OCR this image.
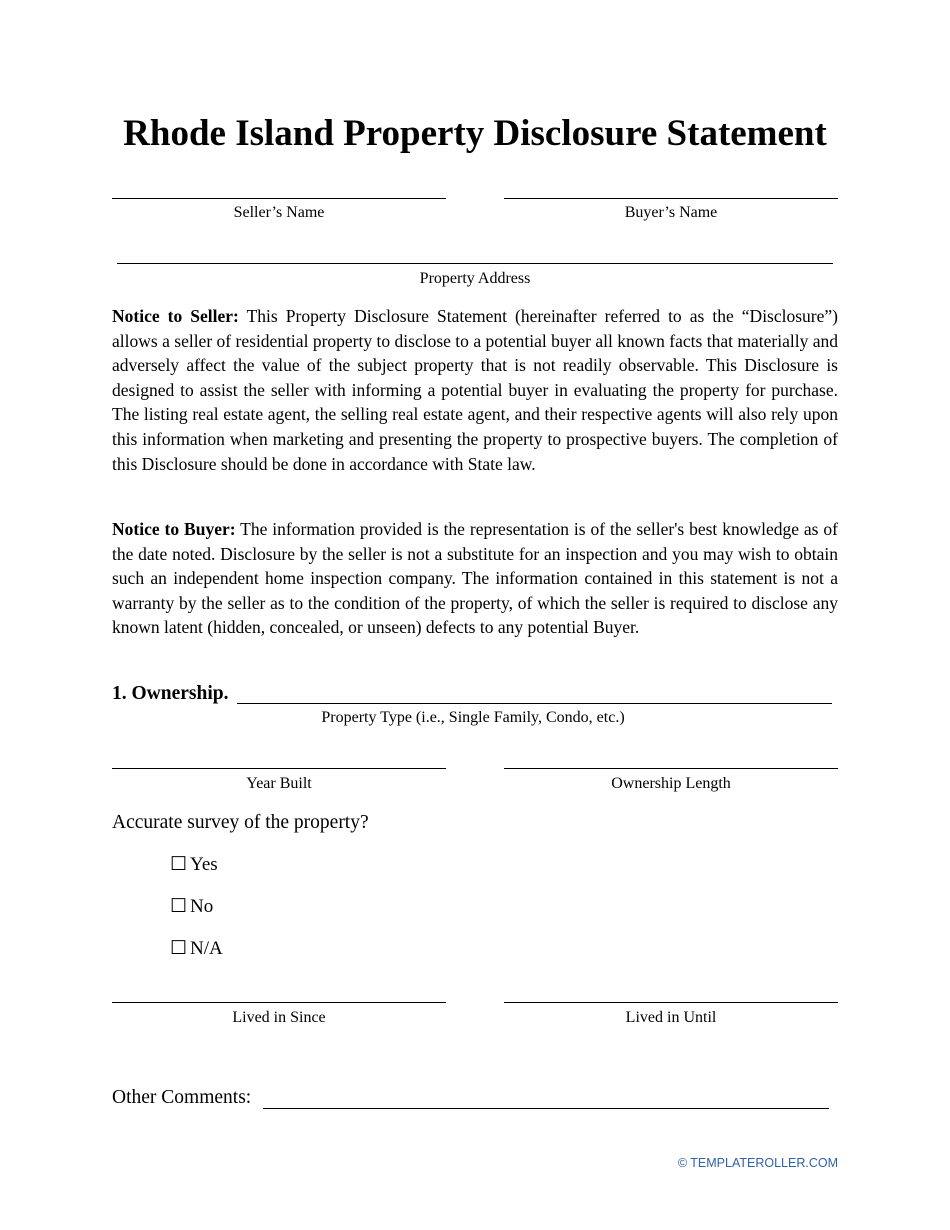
Rhode Island Property Disclosure Statement
Seller’s Name	Buyer’s Name
Property Address

Notice to Seller: This Property Disclosure Statement (hereinafter referred to as the “Disclosure”) allows a seller of residential property to disclose to a potential buyer all known facts that materially and adversely affect the value of the subject property that is not readily observable. This Disclosure is designed to assist the seller with informing a potential buyer in evaluating the property for purchase. The listing real estate agent, the selling real estate agent, and their respective agents will also rely upon this information when marketing and presenting the property to prospective buyers. The completion of this Disclosure should be done in accordance with State law.

Notice to Buyer: The information provided is the representation is of the seller's best knowledge as of the date noted. Disclosure by the seller is not a substitute for an inspection and you may wish to obtain such an independent home inspection company. The information contained in this statement is not a warranty by the seller as to the condition of the property, of which the seller is required to disclose any known latent (hidden, concealed, or unseen) defects to any potential Buyer.

1. Ownership.
Property Type (i.e., Single Family, Condo, etc.)
Year Built	Ownership Length
Accurate survey of the property?
☐ Yes
☐ No
☐ N/A
Lived in Since	Lived in Until
Other Comments:
© TEMPLATEROLLER.COM
